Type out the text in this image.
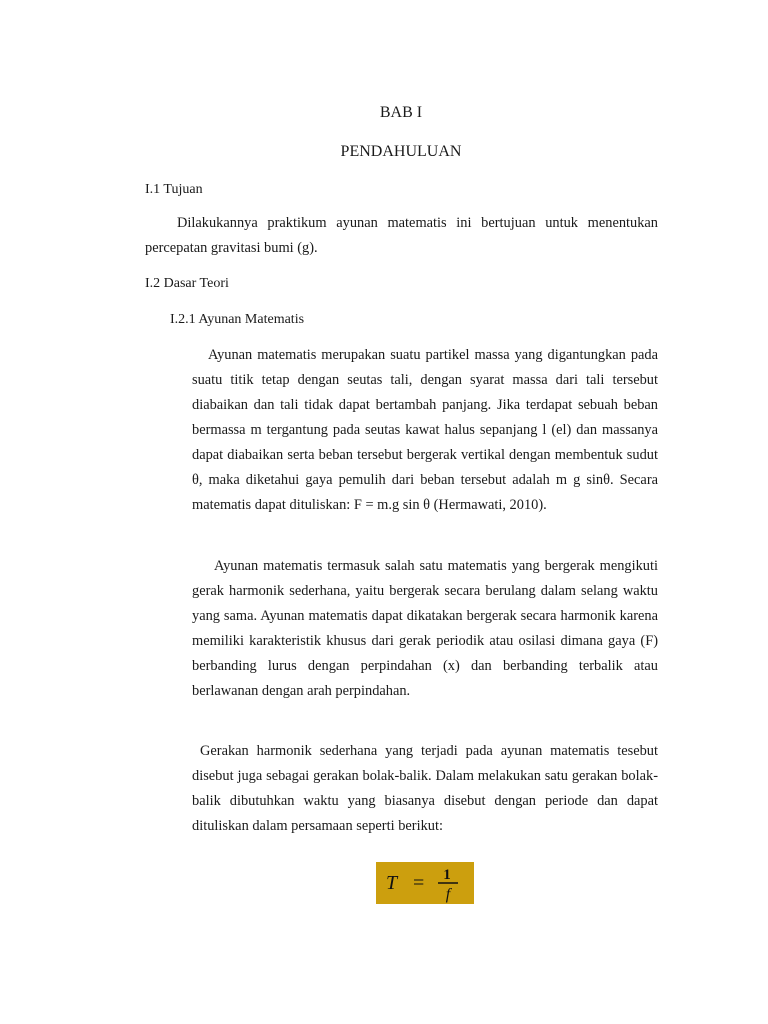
BAB I
PENDAHULUAN
I.1 Tujuan

Dilakukannya praktikum ayunan matematis ini bertujuan untuk menentukan percepatan gravitasi bumi (g).

I.2 Dasar Teori
I.2.1 Ayunan Matematis

Ayunan matematis merupakan suatu partikel massa yang digantungkan pada suatu titik tetap dengan seutas tali, dengan syarat massa dari tali tersebut diabaikan dan tali tidak dapat bertambah panjang. Jika terdapat sebuah beban bermassa m tergantung pada seutas kawat halus sepanjang l (el) dan massanya dapat diabaikan serta beban tersebut bergerak vertikal dengan membentuk sudut θ, maka diketahui gaya pemulih dari beban tersebut adalah m g sinθ. Secara matematis dapat dituliskan: F = m.g sin θ (Hermawati, 2010).

Ayunan matematis termasuk salah satu matematis yang bergerak mengikuti gerak harmonik sederhana, yaitu bergerak secara berulang dalam selang waktu yang sama. Ayunan matematis dapat dikatakan bergerak secara harmonik karena memiliki karakteristik khusus dari gerak periodik atau osilasi dimana gaya (F) berbanding lurus dengan perpindahan (x) dan berbanding terbalik atau berlawanan dengan arah perpindahan.

Gerakan harmonik sederhana yang terjadi pada ayunan matematis tesebut disebut juga sebagai gerakan bolak-balik. Dalam melakukan satu gerakan bolak-balik dibutuhkan waktu yang biasanya disebut dengan periode dan dapat dituliskan dalam persamaan seperti berikut:

T = 1
f
